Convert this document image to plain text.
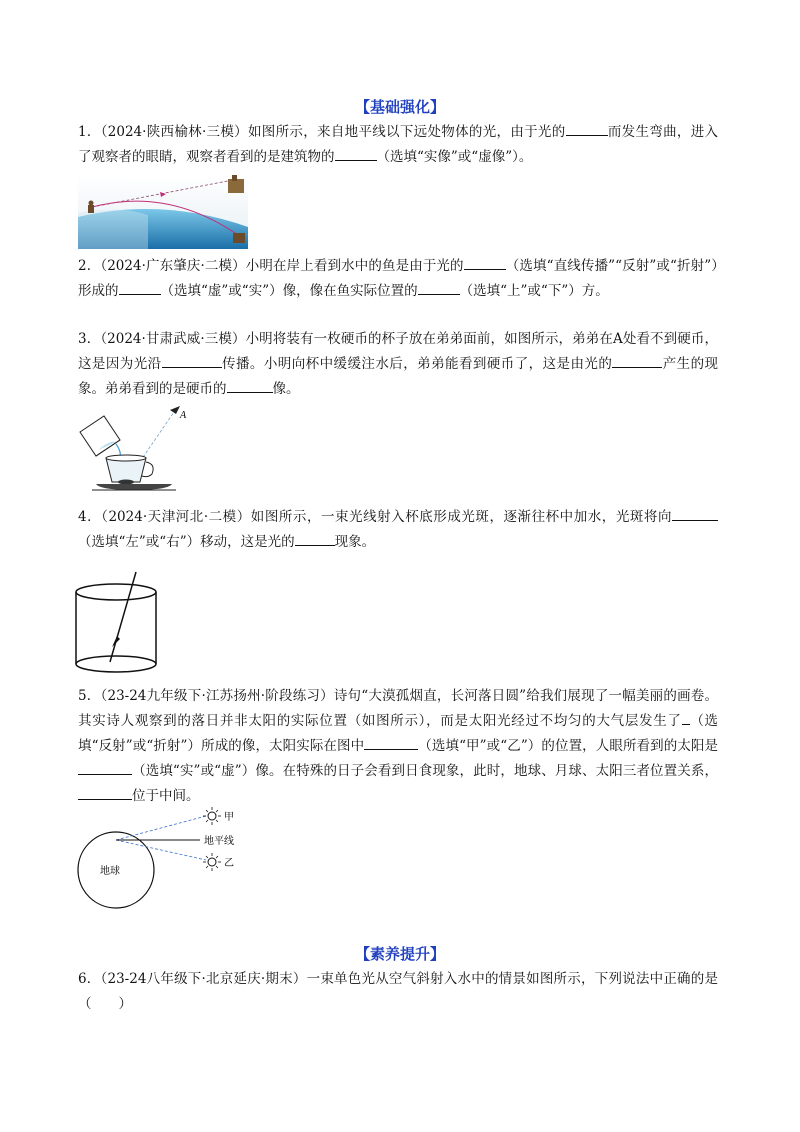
【基础强化】
1．（2024·陕西榆林·三模）如图所示，来自地平线以下远处物体的光，由于光的	而发生弯曲，进入了观察者的眼睛，观察者看到的是建筑物的	（选填“实像”或“虚像”）。
2．（2024·广东肇庆·二模）小明在岸上看到水中的鱼是由于光的	（选填“直线传播”“反射”或“折射”）形成的	（选填“虚”或“实”）像，像在鱼实际位置的	（选填“上”或“下”）方。
3．（2024·甘肃武威·三模）小明将装有一枚硬币的杯子放在弟弟面前，如图所示，弟弟在A处看不到硬币，这是因为光沿	传播。小明向杯中缓缓注水后，弟弟能看到硬币了，这是由光的	产生的现象。弟弟看到的是硬币的	像。
A
4．（2024·天津河北·二模）如图所示，一束光线射入杯底形成光斑，逐渐往杯中加水，光斑将向（选填“左”或“右”）移动，这是光的	现象。
5．（23-24九年级下·江苏扬州·阶段练习）诗句“大漠孤烟直，长河落日圆”给我们展现了一幅美丽的画卷。其实诗人观察到的落日并非太阳的实际位置（如图所示），而是太阳光经过不均匀的大气层发生了 （选填“反射”或“折射”）所成的像，太阳实际在图中	（选填“甲”或“乙”）的位置，人眼所看到的太阳是（选填“实”或“虚”）像。在特殊的日子会看到日食现象，此时，地球、月球、太阳三者位置关系，位于中间。
地球
地平线
甲
乙
【素养提升】
6．（23-24八年级下·北京延庆·期末）一束单色光从空气斜射入水中的情景如图所示，下列说法中正确的是（　　）
